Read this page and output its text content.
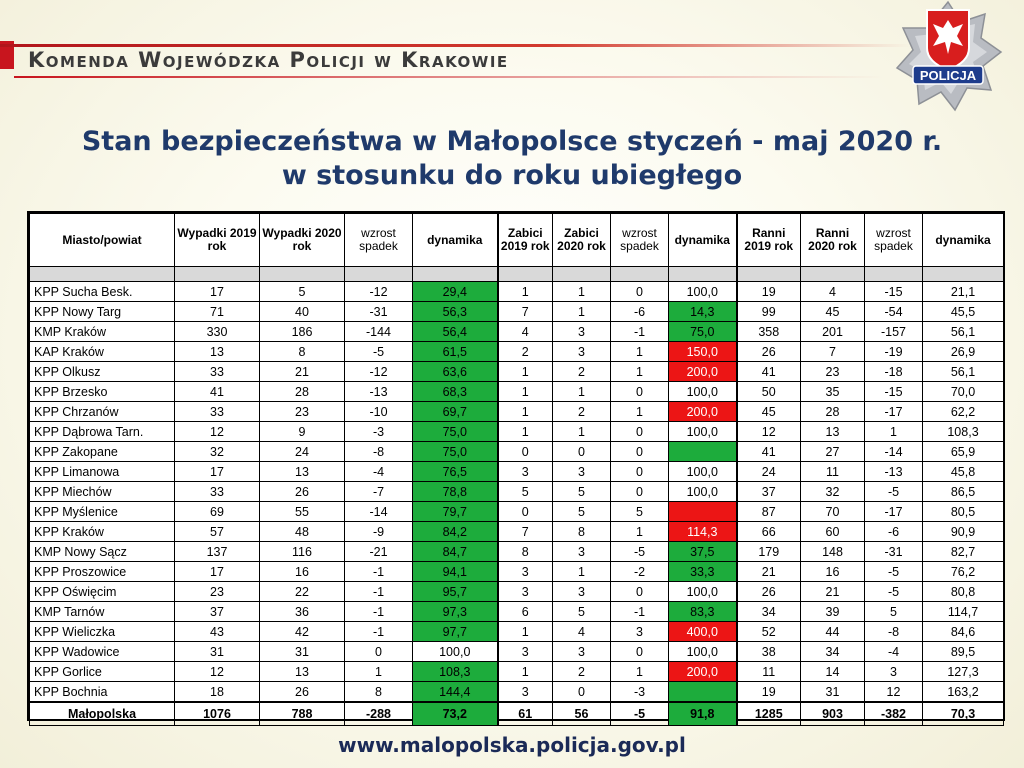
Komenda Wojewódzka Policji w Krakowie
POLICJA
Stan bezpieczeństwa w Małopolsce styczeń - maj 2020 r.
w stosunku do roku ubiegłego
Miasto/powiat	Wypadki 2019 rok	Wypadki 2020 rok	wzrost spadek	dynamika	Zabici 2019 rok	Zabici 2020 rok	wzrost spadek	dynamika	Ranni 2019 rok	Ranni 2020 rok	wzrost spadek	dynamika

KPP Sucha Besk.	17	5	-12	29,4	1	1	0	100,0	19	4	-15	21,1
KPP Nowy Targ	71	40	-31	56,3	7	1	-6	14,3	99	45	-54	45,5
KMP Kraków	330	186	-144	56,4	4	3	-1	75,0	358	201	-157	56,1
KAP Kraków	13	8	-5	61,5	2	3	1	150,0	26	7	-19	26,9
KPP Olkusz	33	21	-12	63,6	1	2	1	200,0	41	23	-18	56,1
KPP Brzesko	41	28	-13	68,3	1	1	0	100,0	50	35	-15	70,0
KPP Chrzanów	33	23	-10	69,7	1	2	1	200,0	45	28	-17	62,2
KPP Dąbrowa Tarn.	12	9	-3	75,0	1	1	0	100,0	12	13	1	108,3
KPP Zakopane	32	24	-8	75,0	0	0	0		41	27	-14	65,9
KPP Limanowa	17	13	-4	76,5	3	3	0	100,0	24	11	-13	45,8
KPP Miechów	33	26	-7	78,8	5	5	0	100,0	37	32	-5	86,5
KPP Myślenice	69	55	-14	79,7	0	5	5		87	70	-17	80,5
KPP Kraków	57	48	-9	84,2	7	8	1	114,3	66	60	-6	90,9
KMP Nowy Sącz	137	116	-21	84,7	8	3	-5	37,5	179	148	-31	82,7
KPP Proszowice	17	16	-1	94,1	3	1	-2	33,3	21	16	-5	76,2
KPP Oświęcim	23	22	-1	95,7	3	3	0	100,0	26	21	-5	80,8
KMP Tarnów	37	36	-1	97,3	6	5	-1	83,3	34	39	5	114,7
KPP Wieliczka	43	42	-1	97,7	1	4	3	400,0	52	44	-8	84,6
KPP Wadowice	31	31	0	100,0	3	3	0	100,0	38	34	-4	89,5
KPP Gorlice	12	13	1	108,3	1	2	1	200,0	11	14	3	127,3
KPP Bochnia	18	26	8	144,4	3	0	-3		19	31	12	163,2
Małopolska	1076	788	-288	73,2	61	56	-5	91,8	1285	903	-382	70,3
www.malopolska.policja.gov.pl
